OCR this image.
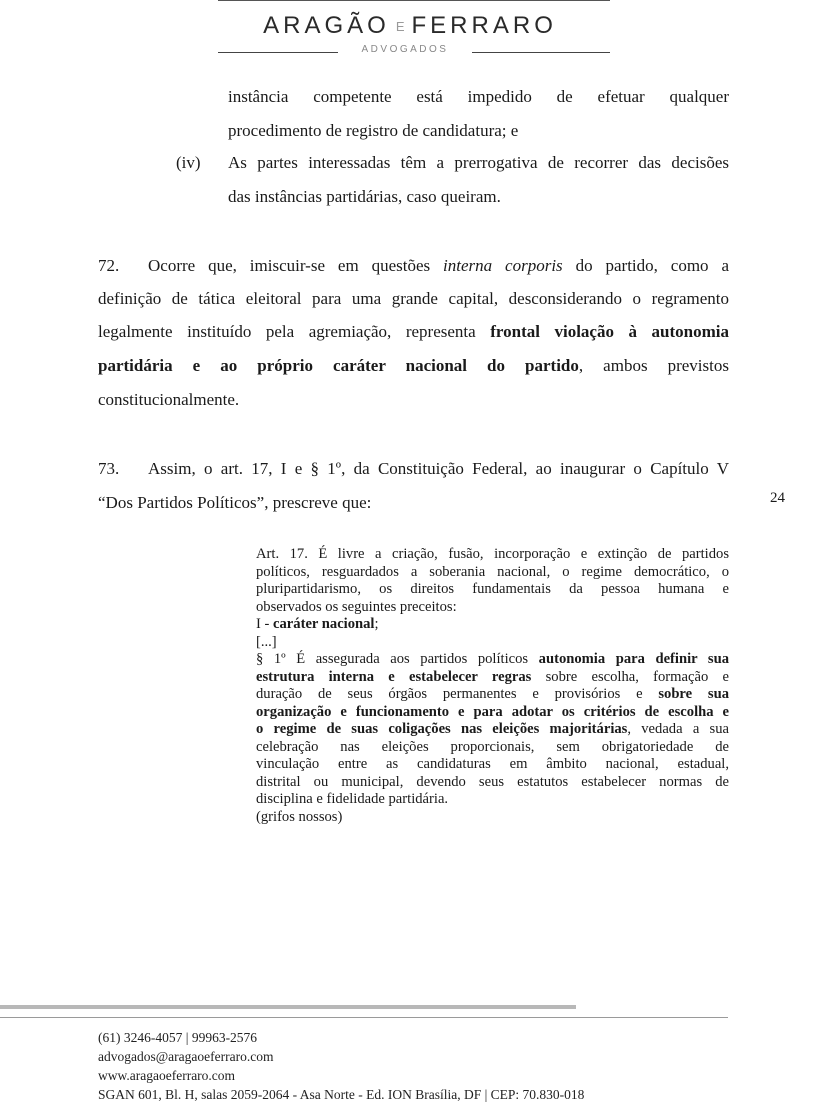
ARAGÃO E FERRARO
ADVOGADOS
instância competente está impedido de efetuar qualquer
procedimento de registro de candidatura; e
(iv) As partes interessadas têm a prerrogativa de recorrer das decisões
das instâncias partidárias, caso queiram.
72. Ocorre que, imiscuir-se em questões interna corporis do partido, como a
definição de tática eleitoral para uma grande capital, desconsiderando o regramento
legalmente instituído pela agremiação, representa frontal violação à autonomia
partidária e ao próprio caráter nacional do partido, ambos previstos
constitucionalmente.
73. Assim, o art. 17, I e § 1º, da Constituição Federal, ao inaugurar o Capítulo V
“Dos Partidos Políticos”, prescreve que:	24
Art. 17. É livre a criação, fusão, incorporação e extinção de partidos
políticos, resguardados a soberania nacional, o regime democrático, o
pluripartidarismo, os direitos fundamentais da pessoa humana e
observados os seguintes preceitos:
I - caráter nacional;
[...]
§ 1º É assegurada aos partidos políticos autonomia para definir sua
estrutura interna e estabelecer regras sobre escolha, formação e
duração de seus órgãos permanentes e provisórios e sobre sua
organização e funcionamento e para adotar os critérios de escolha e
o regime de suas coligações nas eleições majoritárias, vedada a sua
celebração nas eleições proporcionais, sem obrigatoriedade de
vinculação entre as candidaturas em âmbito nacional, estadual,
distrital ou municipal, devendo seus estatutos estabelecer normas de
disciplina e fidelidade partidária.
(grifos nossos)
(61) 3246-4057 | 99963-2576
advogados@aragaoeferraro.com
www.aragaoeferraro.com
SGAN 601, Bl. H, salas 2059-2064 - Asa Norte - Ed. ION Brasília, DF | CEP: 70.830-018
